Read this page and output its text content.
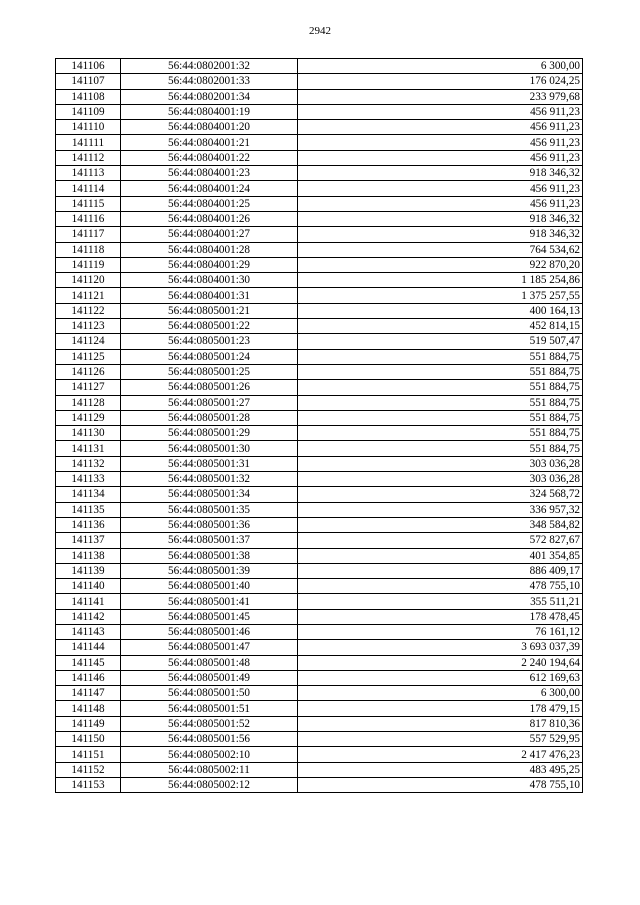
2942
141106	56:44:0802001:32	6 300,00
141107	56:44:0802001:33	176 024,25
141108	56:44:0802001:34	233 979,68
141109	56:44:0804001:19	456 911,23
141110	56:44:0804001:20	456 911,23
141111	56:44:0804001:21	456 911,23
141112	56:44:0804001:22	456 911,23
141113	56:44:0804001:23	918 346,32
141114	56:44:0804001:24	456 911,23
141115	56:44:0804001:25	456 911,23
141116	56:44:0804001:26	918 346,32
141117	56:44:0804001:27	918 346,32
141118	56:44:0804001:28	764 534,62
141119	56:44:0804001:29	922 870,20
141120	56:44:0804001:30	1 185 254,86
141121	56:44:0804001:31	1 375 257,55
141122	56:44:0805001:21	400 164,13
141123	56:44:0805001:22	452 814,15
141124	56:44:0805001:23	519 507,47
141125	56:44:0805001:24	551 884,75
141126	56:44:0805001:25	551 884,75
141127	56:44:0805001:26	551 884,75
141128	56:44:0805001:27	551 884,75
141129	56:44:0805001:28	551 884,75
141130	56:44:0805001:29	551 884,75
141131	56:44:0805001:30	551 884,75
141132	56:44:0805001:31	303 036,28
141133	56:44:0805001:32	303 036,28
141134	56:44:0805001:34	324 568,72
141135	56:44:0805001:35	336 957,32
141136	56:44:0805001:36	348 584,82
141137	56:44:0805001:37	572 827,67
141138	56:44:0805001:38	401 354,85
141139	56:44:0805001:39	886 409,17
141140	56:44:0805001:40	478 755,10
141141	56:44:0805001:41	355 511,21
141142	56:44:0805001:45	178 478,45
141143	56:44:0805001:46	76 161,12
141144	56:44:0805001:47	3 693 037,39
141145	56:44:0805001:48	2 240 194,64
141146	56:44:0805001:49	612 169,63
141147	56:44:0805001:50	6 300,00
141148	56:44:0805001:51	178 479,15
141149	56:44:0805001:52	817 810,36
141150	56:44:0805001:56	557 529,95
141151	56:44:0805002:10	2 417 476,23
141152	56:44:0805002:11	483 495,25
141153	56:44:0805002:12	478 755,10
